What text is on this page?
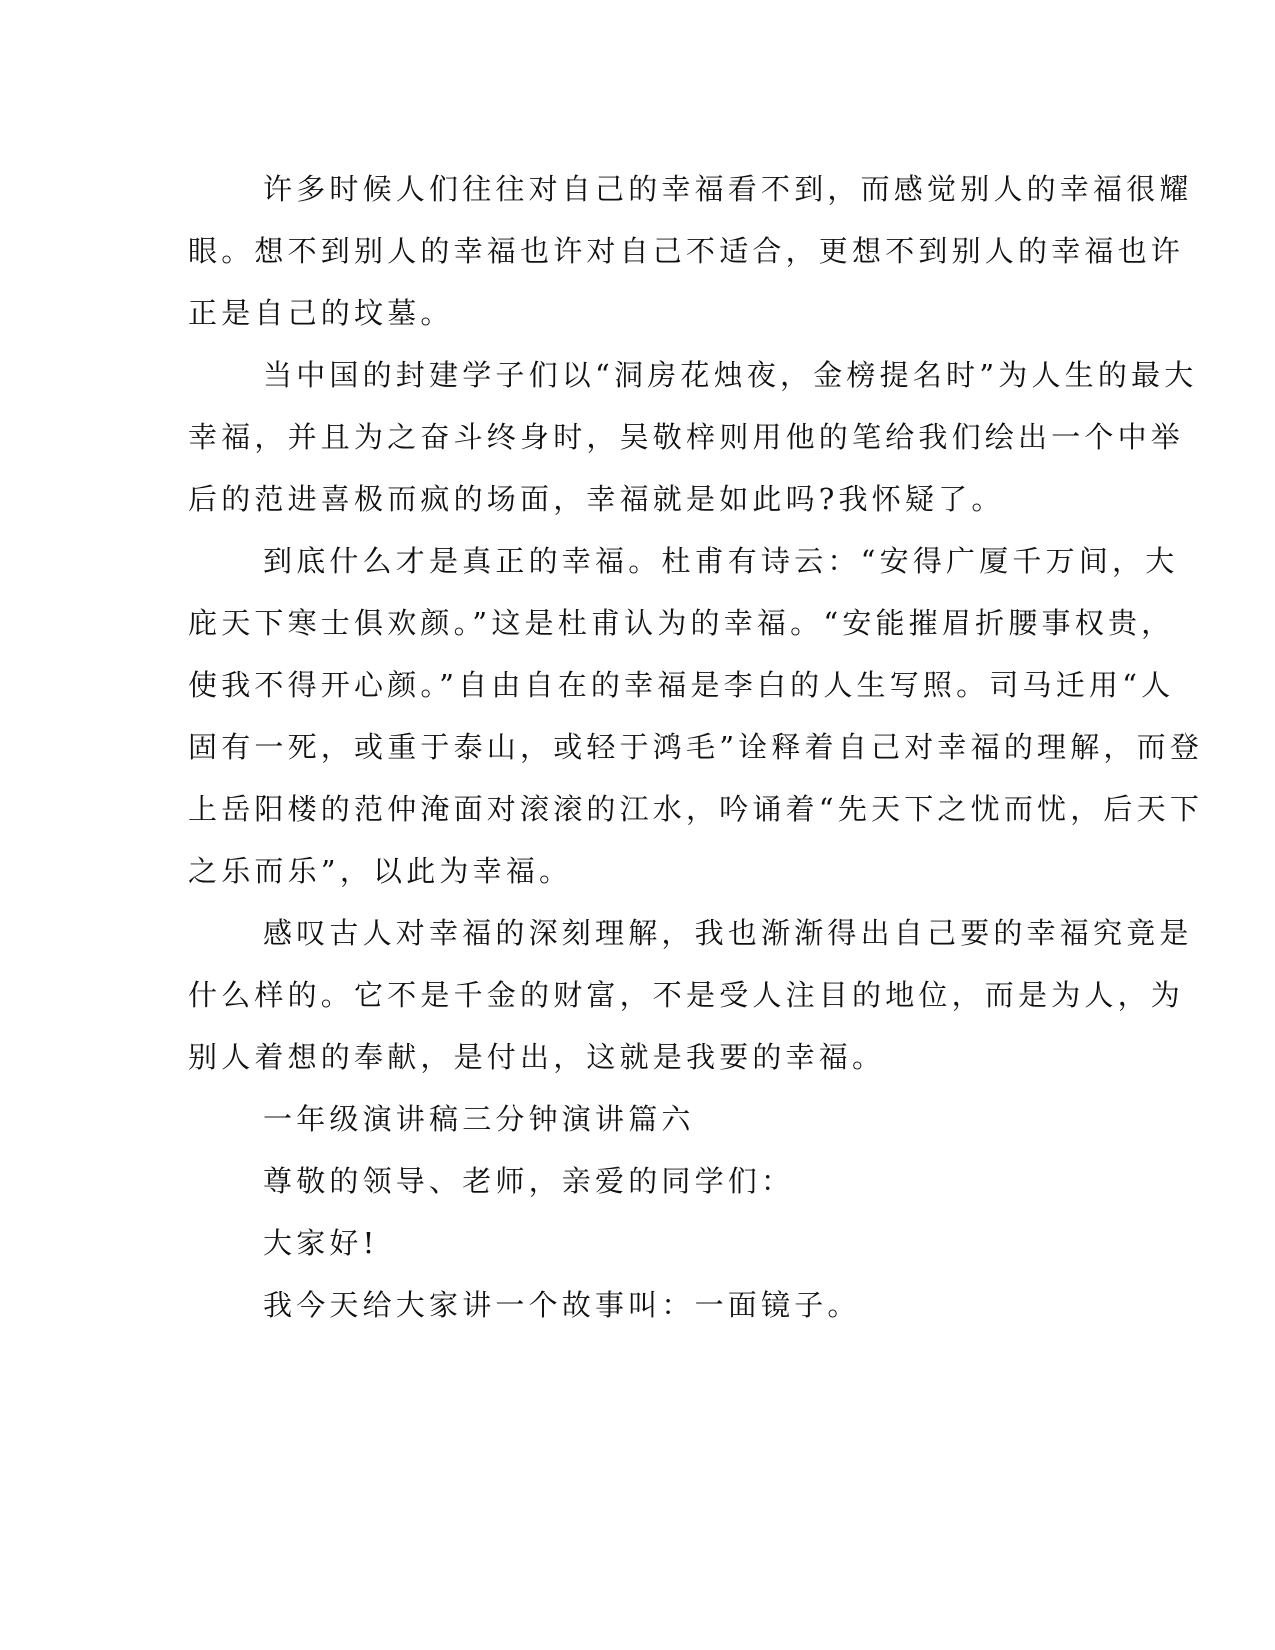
许多时候人们往往对自己的幸福看不到，而感觉别人的幸福很耀
眼。想不到别人的幸福也许对自己不适合，更想不到别人的幸福也许
正是自己的坟墓。
当中国的封建学子们以“洞房花烛夜，金榜提名时”为人生的最大
幸福，并且为之奋斗终身时，吴敬梓则用他的笔给我们绘出一个中举
后的范进喜极而疯的场面，幸福就是如此吗?我怀疑了。
到底什么才是真正的幸福。杜甫有诗云：“安得广厦千万间，大
庇天下寒士俱欢颜。”这是杜甫认为的幸福。“安能摧眉折腰事权贵，
使我不得开心颜。”自由自在的幸福是李白的人生写照。司马迁用“人
固有一死，或重于泰山，或轻于鸿毛”诠释着自己对幸福的理解，而登
上岳阳楼的范仲淹面对滚滚的江水，吟诵着“先天下之忧而忧，后天下
之乐而乐”，以此为幸福。
感叹古人对幸福的深刻理解，我也渐渐得出自己要的幸福究竟是
什么样的。它不是千金的财富，不是受人注目的地位，而是为人，为
别人着想的奉献，是付出，这就是我要的幸福。
一年级演讲稿三分钟演讲篇六
尊敬的领导、老师，亲爱的同学们：
大家好!
我今天给大家讲一个故事叫：一面镜子。
